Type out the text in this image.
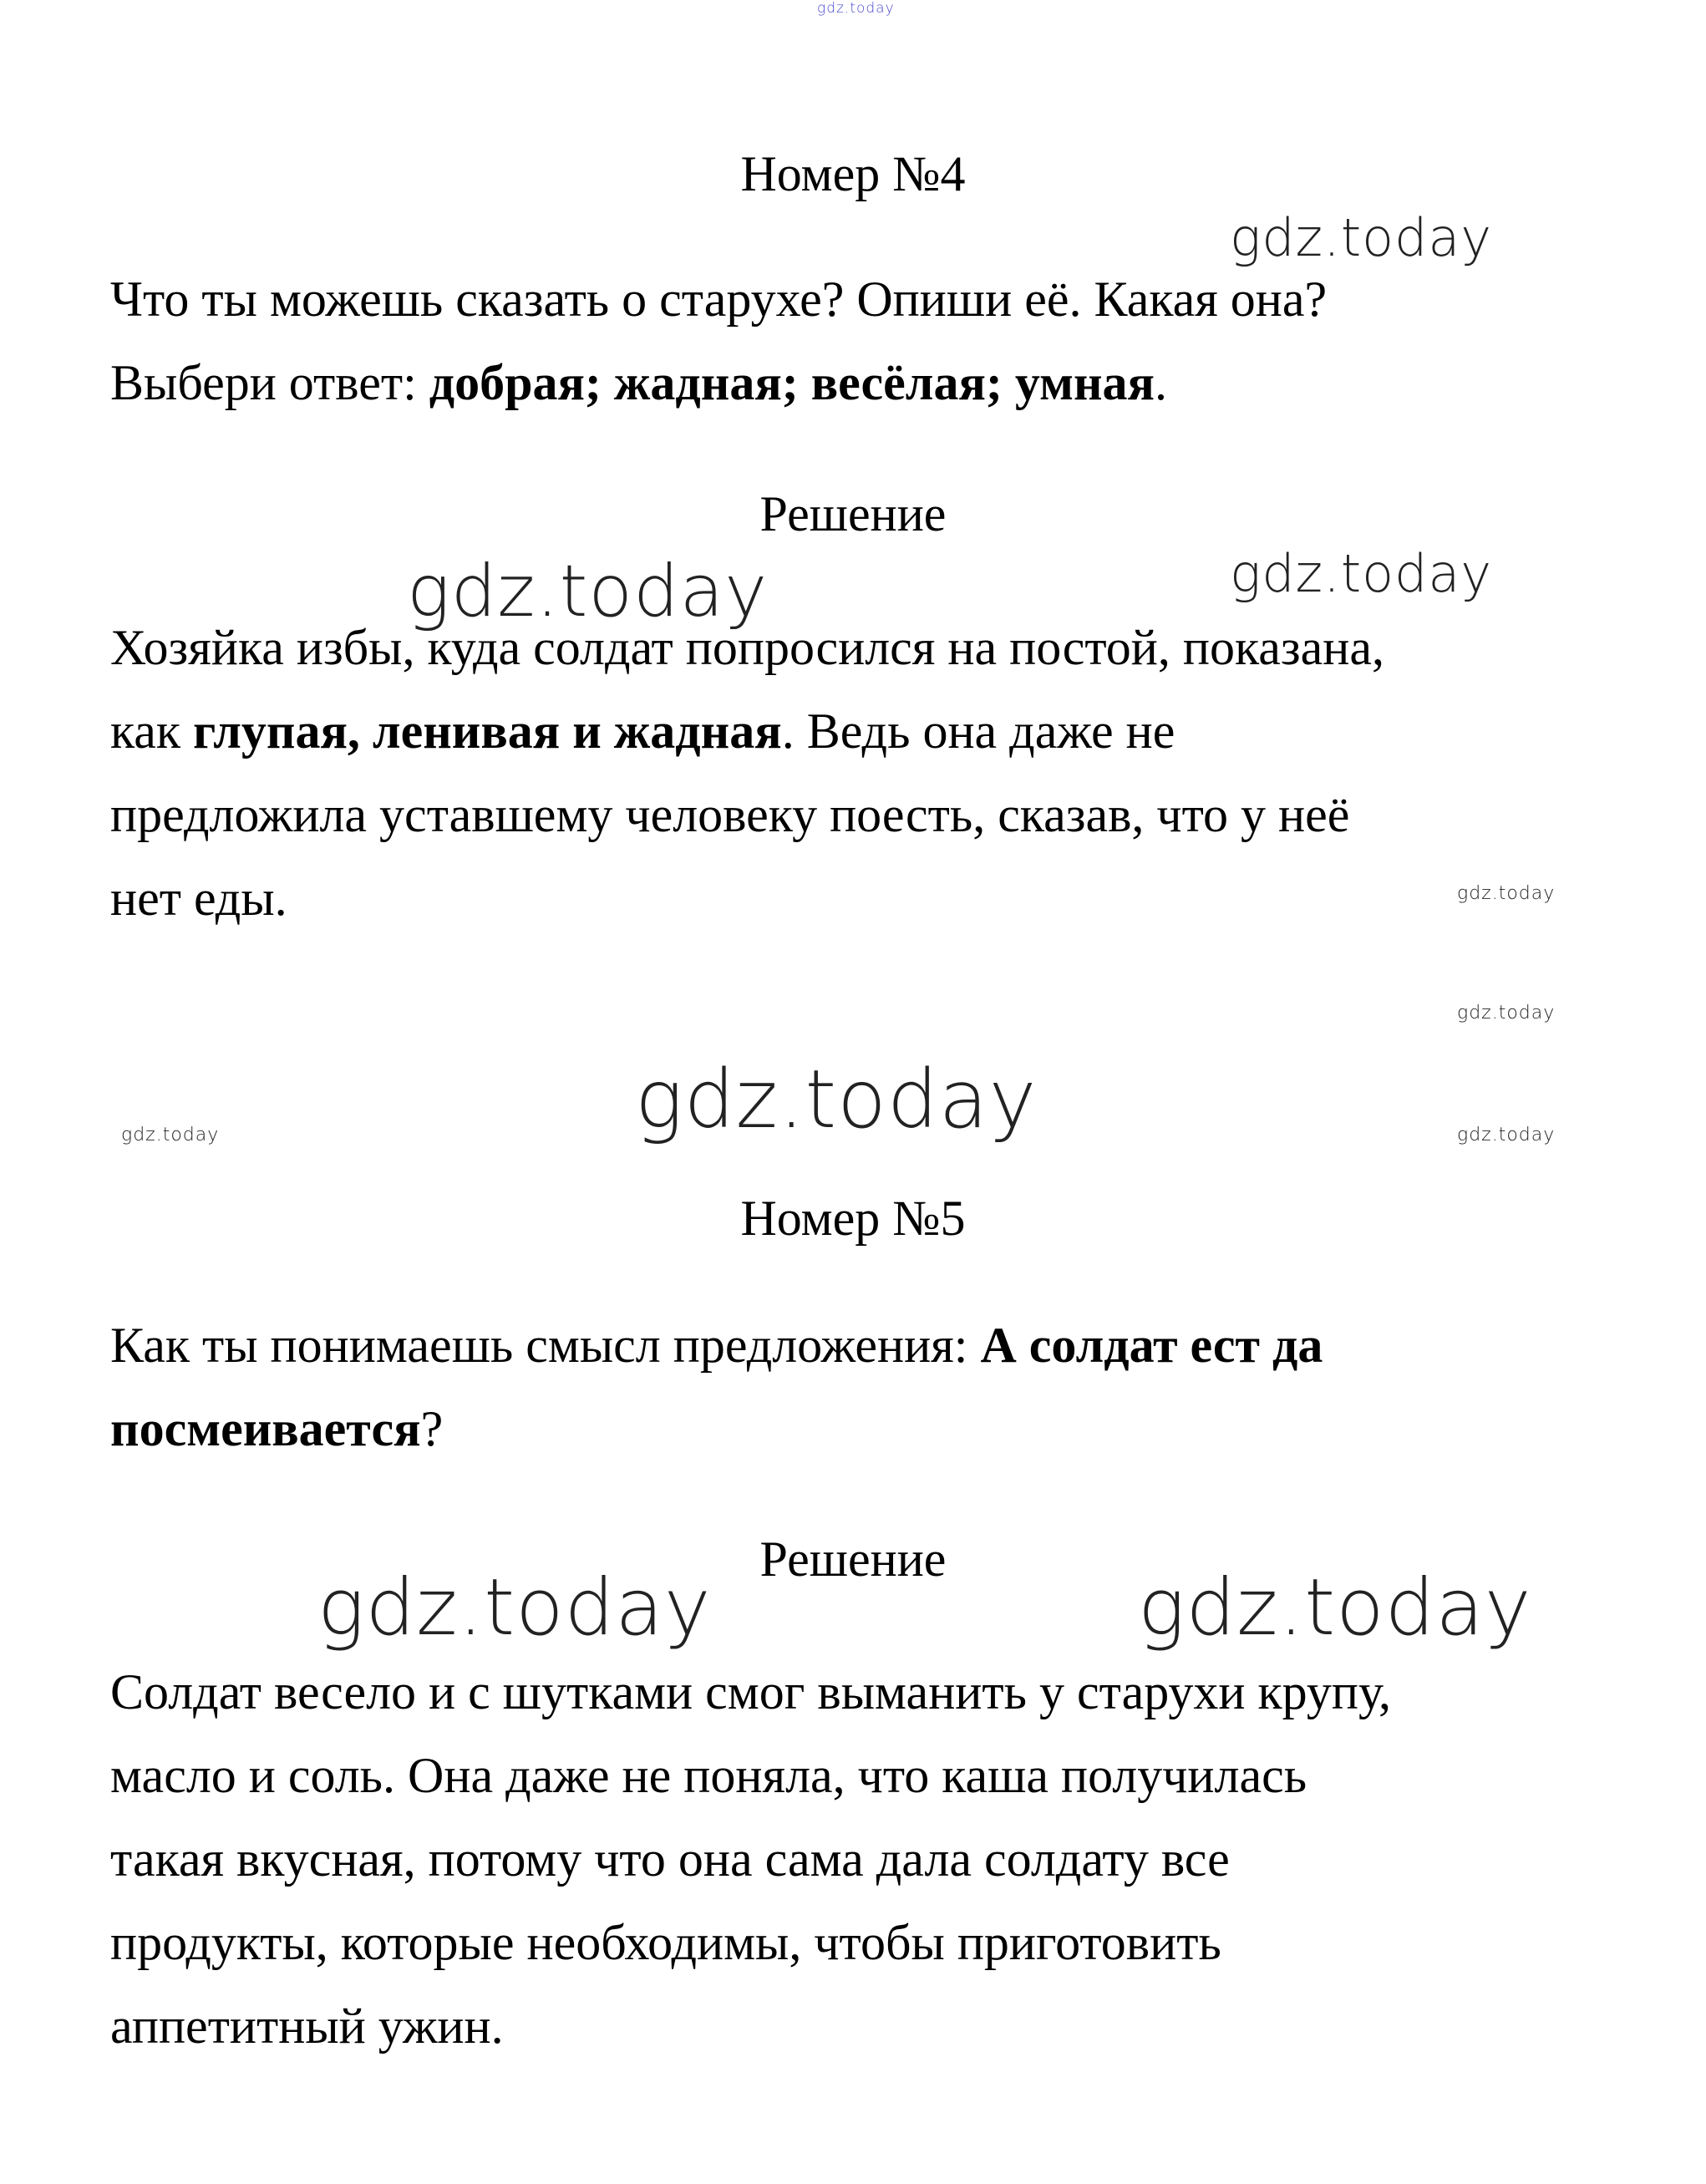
gdz.today
Номер №4
gdz.today
Что ты можешь сказать о старухе? Опиши её. Какая она?
Выбери ответ: добрая; жадная; весёлая; умная.
Решение
gdz.today	gdz.today
Хозяйка избы, куда солдат попросился на постой, показана,
как глупая, ленивая и жадная. Ведь она даже не
предложила уставшему человеку поесть, сказав, что у неё
нет еды.	gdz.today
gdz.today
gdz.today
gdz.today	gdz.today
Номер №5
Как ты понимаешь смысл предложения: А солдат ест да
посмеивается?
Решение
gdz.today	gdz.today
Солдат весело и с шутками смог выманить у старухи крупу,
масло и соль. Она даже не поняла, что каша получилась
такая вкусная, потому что она сама дала солдату все
продукты, которые необходимы, чтобы приготовить
аппетитный ужин.
